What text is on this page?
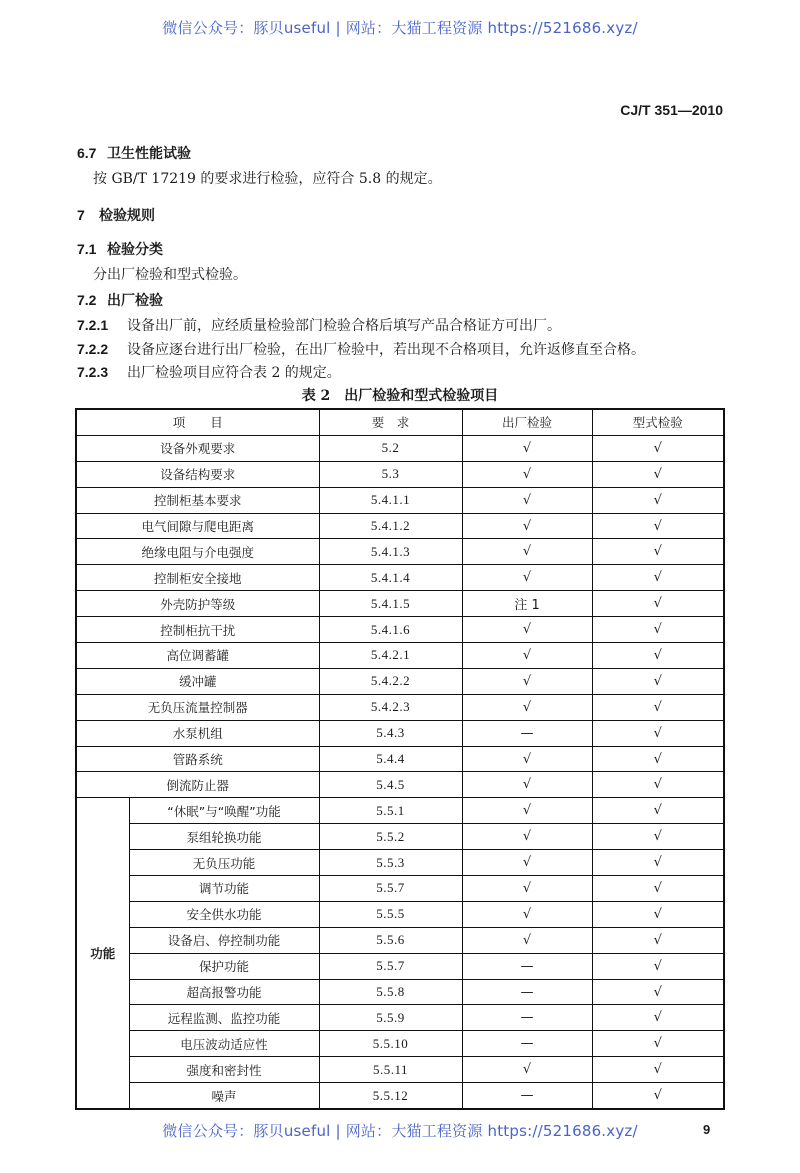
微信公众号：豚贝useful | 网站：大猫工程资源 https://521686.xyz/
CJ/T 351—2010
6.7 卫生性能试验
按 GB/T 17219 的要求进行检验，应符合 5.8 的规定。
7 检验规则
7.1 检验分类
分出厂检验和型式检验。
7.2 出厂检验
7.2.1 设备出厂前，应经质量检验部门检验合格后填写产品合格证方可出厂。
7.2.2 设备应逐台进行出厂检验，在出厂检验中，若出现不合格项目，允许返修直至合格。
7.2.3 出厂检验项目应符合表 2 的规定。
表 2　出厂检验和型式检验项目
项　　目		要　求	出厂检验	型式检验
设备外观要求		5.2	√	√
设备结构要求		5.3	√	√
控制柜基本要求		5.4.1.1	√	√
电气间隙与爬电距离		5.4.1.2	√	√
绝缘电阻与介电强度		5.4.1.3	√	√
控制柜安全接地		5.4.1.4	√	√
外壳防护等级		5.4.1.5	注 1	√
控制柜抗干扰		5.4.1.6	√	√
高位调蓄罐		5.4.2.1	√	√
缓冲罐		5.4.2.2	√	√
无负压流量控制器		5.4.2.3	√	√
水泵机组		5.4.3	—	√
管路系统		5.4.4	√	√
倒流防止器		5.4.5	√	√
功能	“休眠”与“唤醒”功能	5.5.1	√	√
	泵组轮换功能	5.5.2	√	√
	无负压功能	5.5.3	√	√
	调节功能	5.5.7	√	√
	安全供水功能	5.5.5	√	√
	设备启、停控制功能	5.5.6	√	√
	保护功能	5.5.7	—	√
	超高报警功能	5.5.8	—	√
	远程监测、监控功能	5.5.9	—	√
	电压波动适应性	5.5.10	—	√
	强度和密封性	5.5.11	√	√
	噪声	5.5.12	—	√
微信公众号：豚贝useful | 网站：大猫工程资源 https://521686.xyz/	9
